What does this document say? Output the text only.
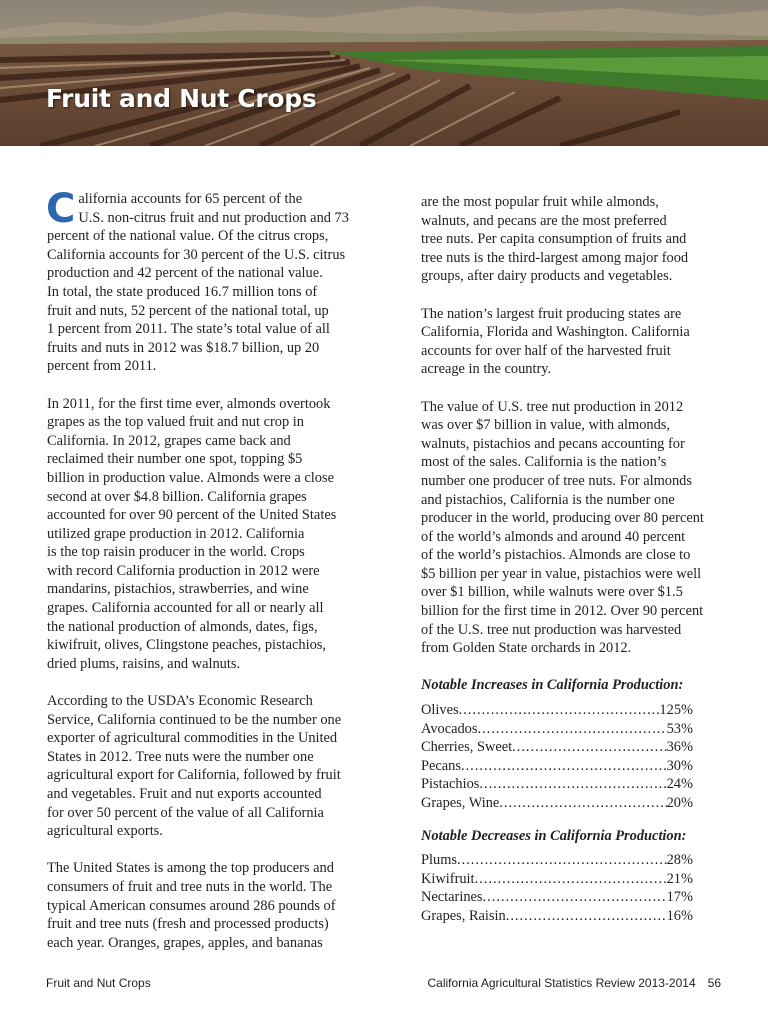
Fruit and Nut Crops

C alifornia accounts for 65 percent of the
U.S. non-citrus fruit and nut production and 73
percent of the national value. Of the citrus crops,
California accounts for 30 percent of the U.S. citrus
production and 42 percent of the national value.
In total, the state produced 16.7 million tons of
fruit and nuts, 52 percent of the national total, up
1 percent from 2011. The state’s total value of all
fruits and nuts in 2012 was $18.7 billion, up 20
percent from 2011.

In 2011, for the first time ever, almonds overtook
grapes as the top valued fruit and nut crop in
California. In 2012, grapes came back and
reclaimed their number one spot, topping $5
billion in production value. Almonds were a close
second at over $4.8 billion. California grapes
accounted for over 90 percent of the United States
utilized grape production in 2012. California
is the top raisin producer in the world. Crops
with record California production in 2012 were
mandarins, pistachios, strawberries, and wine
grapes. California accounted for all or nearly all
the national production of almonds, dates, figs,
kiwifruit, olives, Clingstone peaches, pistachios,
dried plums, raisins, and walnuts.

According to the USDA’s Economic Research
Service, California continued to be the number one
exporter of agricultural commodities in the United
States in 2012. Tree nuts were the number one
agricultural export for California, followed by fruit
and vegetables. Fruit and nut exports accounted
for over 50 percent of the value of all California
agricultural exports.

The United States is among the top producers and
consumers of fruit and tree nuts in the world. The
typical American consumes around 286 pounds of
fruit and tree nuts (fresh and processed products)
each year. Oranges, grapes, apples, and bananas

are the most popular fruit while almonds,
walnuts, and pecans are the most preferred
tree nuts. Per capita consumption of fruits and
tree nuts is the third-largest among major food
groups, after dairy products and vegetables.

The nation’s largest fruit producing states are
California, Florida and Washington. California
accounts for over half of the harvested fruit
acreage in the country.

The value of U.S. tree nut production in 2012
was over $7 billion in value, with almonds,
walnuts, pistachios and pecans accounting for
most of the sales. California is the nation’s
number one producer of tree nuts. For almonds
and pistachios, California is the number one
producer in the world, producing over 80 percent
of the world’s almonds and around 40 percent
of the world’s pistachios. Almonds are close to
$5 billion per year in value, pistachios were well
over $1 billion, while walnuts were over $1.5
billion for the first time in 2012. Over 90 percent
of the U.S. tree nut production was harvested
from Golden State orchards in 2012.

Notable Increases in California Production:
Olives .....	125%
Avocados .....	53%
Cherries, Sweet .....	36%
Pecans .....	30%
Pistachios .....	24%
Grapes, Wine .....	20%
Notable Decreases in California Production:
Plums .....	28%
Kiwifruit .....	21%
Nectarines .....	17%
Grapes, Raisin .....	16%
Fruit and Nut Crops	California Agricultural Statistics Review 2013-2014 56
